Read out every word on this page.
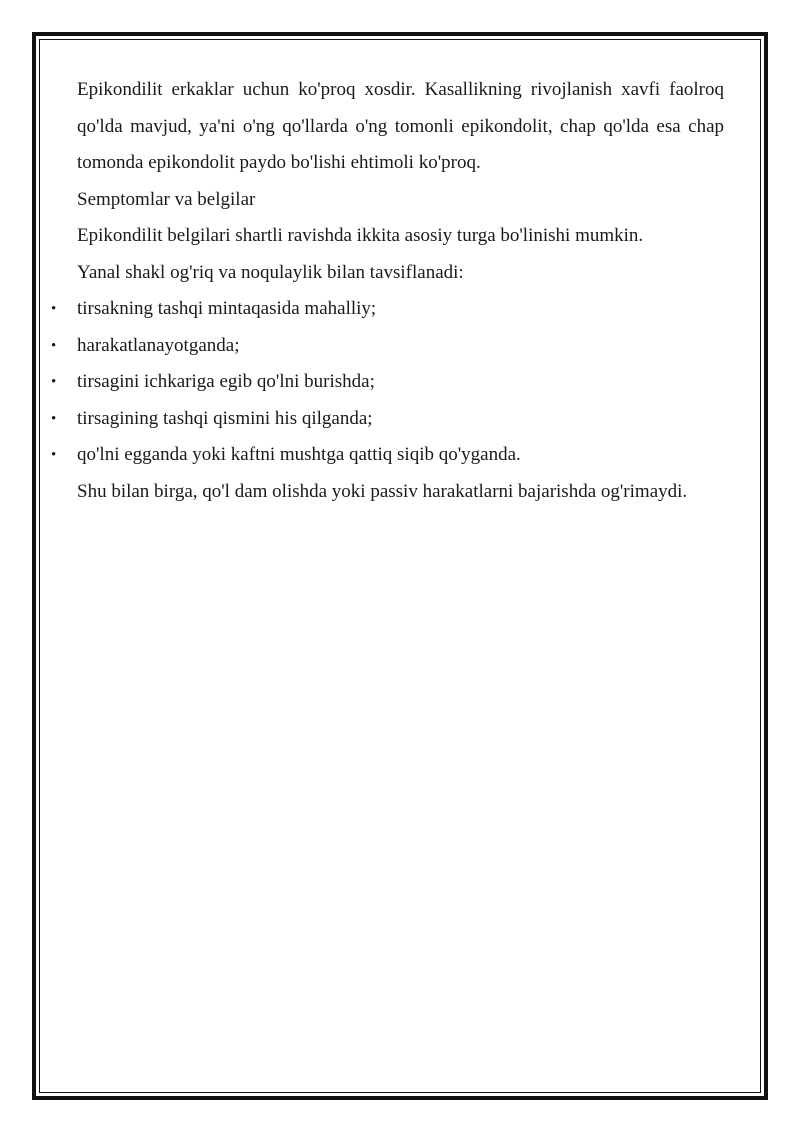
Epikondilit erkaklar uchun ko'proq xosdir. Kasallikning rivojlanish xavfi faolroq qo'lda mavjud, ya'ni o'ng qo'llarda o'ng tomonli epikondolit, chap qo'lda esa chap tomonda epikondolit paydo bo'lishi ehtimoli ko'proq.

Semptomlar va belgilar

Epikondilit belgilari shartli ravishda ikkita asosiy turga bo'linishi mumkin.

Yanal shakl og'riq va noqulaylik bilan tavsiflanadi:

• tirsakning tashqi mintaqasida mahalliy;
• harakatlanayotganda;
• tirsagini ichkariga egib qo'lni burishda;
• tirsagining tashqi qismini his qilganda;
• qo'lni egganda yoki kaftni mushtga qattiq siqib qo'yganda.

Shu bilan birga, qo'l dam olishda yoki passiv harakatlarni bajarishda og'rimaydi.
